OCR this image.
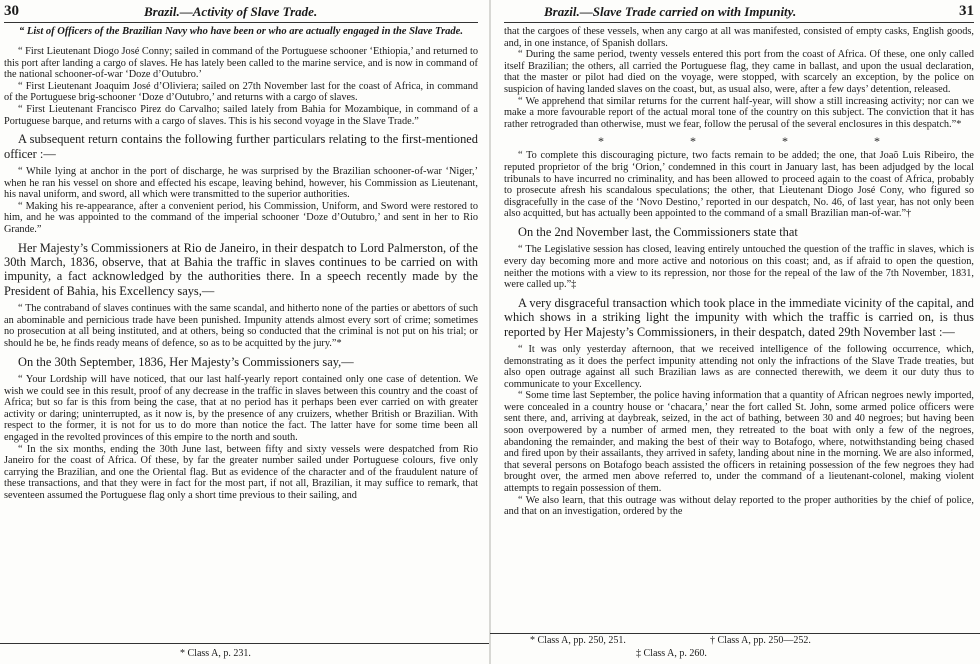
30	Brazil.—Activity of Slave Trade.
“ List of Officers of the Brazilian Navy who have been or who are actually engaged in the Slave Trade.

“ First Lieutenant Diogo José Conny; sailed in command of the Portuguese schooner ‘Ethiopia,’ and returned to this port after landing a cargo of slaves. He has lately been called to the marine service, and is now in command of the national schooner-of-war ‘Doze d’Outubro.’

“ First Lieutenant Joaquim José d’Oliviera; sailed on 27th November last for the coast of Africa, in command of the Portuguese brig-schooner ‘Doze d’Outubro,’ and returns with a cargo of slaves.

“ First Lieutenant Francisco Pirez do Carvalho; sailed lately from Bahia for Mozambique, in command of a Portuguese barque, and returns with a cargo of slaves. This is his second voyage in the Slave Trade.”

A subsequent return contains the following further particulars relating to the first-mentioned officer :—

“ While lying at anchor in the port of discharge, he was surprised by the Brazilian schooner-of-war ‘Niger,’ when he ran his vessel on shore and effected his escape, leaving behind, however, his Commission as Lieutenant, his naval uniform, and sword, all which were transmitted to the superior authorities.

“ Making his re-appearance, after a convenient period, his Commission, Uniform, and Sword were restored to him, and he was appointed to the command of the imperial schooner ‘Doze d’Outubro,’ and sent in her to Rio Grande.”

Her Majesty’s Commissioners at Rio de Janeiro, in their despatch to Lord Palmerston, of the 30th March, 1836, observe, that at Bahia the traffic in slaves continues to be carried on with impunity, a fact acknowledged by the authorities there. In a speech recently made by the President of Bahia, his Excellency says,—

“ The contraband of slaves continues with the same scandal, and hitherto none of the parties or abettors of such an abominable and pernicious trade have been punished. Impunity attends almost every sort of crime; sometimes no prosecution at all being instituted, and at others, being so conducted that the criminal is not put on his trial; or should he be, he finds ready means of defence, so as to be acquitted by the jury.”*

On the 30th September, 1836, Her Majesty’s Commissioners say,—

“ Your Lordship will have noticed, that our last half-yearly report contained only one case of detention. We wish we could see in this result, proof of any decrease in the traffic in slaves between this country and the coast of Africa; but so far is this from being the case, that at no period has it perhaps been ever carried on with greater activity or daring; uninterrupted, as it now is, by the presence of any cruizers, whether British or Brazilian. With respect to the former, it is not for us to do more than notice the fact. The latter have for some time been all engaged in the revolted provinces of this empire to the north and south.

“ In the six months, ending the 30th June last, between fifty and sixty vessels were despatched from Rio Janeiro for the coast of Africa. Of these, by far the greater number sailed under Portuguese colours, five only carrying the Brazilian, and one the Oriental flag. But as evidence of the character and of the fraudulent nature of these transactions, and that they were in fact for the most part, if not all, Brazilian, it may suffice to remark, that seventeen assumed the Portuguese flag only a short time previous to their sailing, and

* Class A, p. 231.
Brazil.—Slave Trade carried on with Impunity.	31

that the cargoes of these vessels, when any cargo at all was manifested, consisted of empty casks, English goods, and, in one instance, of Spanish dollars.

“ During the same period, twenty vessels entered this port from the coast of Africa. Of these, one only called itself Brazilian; the others, all carried the Portuguese flag, they came in ballast, and upon the usual declaration, that the master or pilot had died on the voyage, were stopped, with scarcely an exception, by the police on suspicion of having landed slaves on the coast, but, as usual also, were, after a few days’ detention, released.

“ We apprehend that similar returns for the current half-year, will show a still increasing activity; nor can we make a more favourable report of the actual moral tone of the country on this subject. The conviction that it has rather retrograded than otherwise, must we fear, follow the perusal of the several enclosures in this despatch.”*

*	*	*	*

“ To complete this discouraging picture, two facts remain to be added; the one, that Joaõ Luis Ribeiro, the reputed proprietor of the brig ‘Orion,’ condemned in this court in January last, has been adjudged by the local tribunals to have incurred no criminality, and has been allowed to proceed again to the coast of Africa, probably to prosecute afresh his scandalous speculations; the other, that Lieutenant Diogo José Cony, who figured so disgracefully in the case of the ‘Novo Destino,’ reported in our despatch, No. 46, of last year, has not only been also acquitted, but has actually been appointed to the command of a small Brazilian man-of-war.”†

On the 2nd November last, the Commissioners state that

“ The Legislative session has closed, leaving entirely untouched the question of the traffic in slaves, which is every day becoming more and more active and notorious on this coast; and, as if afraid to open the question, neither the motions with a view to its repression, nor those for the repeal of the law of the 7th November, 1831, were called up.”‡

A very disgraceful transaction which took place in the immediate vicinity of the capital, and which shows in a striking light the impunity with which the traffic is carried on, is thus reported by Her Majesty’s Commissioners, in their despatch, dated 29th November last :—

“ It was only yesterday afternoon, that we received intelligence of the following occurrence, which, demonstrating as it does the perfect impunity attending not only the infractions of the Slave Trade treaties, but also open outrage against all such Brazilian laws as are connected therewith, we deem it our duty thus to communicate to your Excellency.

“ Some time last September, the police having information that a quantity of African negroes newly imported, were concealed in a country house or ‘chacara,’ near the fort called St. John, some armed police officers were sent there, and, arriving at daybreak, seized, in the act of bathing, between 30 and 40 negroes; but having been soon overpowered by a number of armed men, they retreated to the boat with only a few of the negroes, abandoning the remainder, and making the best of their way to Botafogo, where, notwithstanding being chased and fired upon by their assailants, they arrived in safety, landing about nine in the morning. We are also informed, that several persons on Botafogo beach assisted the officers in retaining possession of the few negroes they had brought over, the armed men above referred to, under the command of a lieutenant-colonel, making violent attempts to regain possession of them.

“ We also learn, that this outrage was without delay reported to the proper authorities by the chief of police, and that on an investigation, ordered by the

* Class A, pp. 250, 251.	† Class A, pp. 250—252.
‡ Class A, p. 260.
